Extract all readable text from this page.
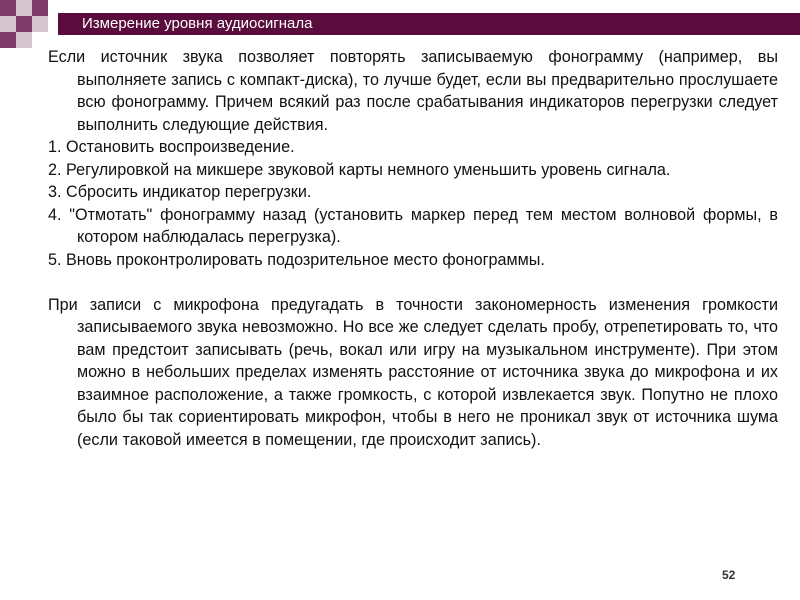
Измерение уровня аудиосигнала

Если источник звука позволяет повторять записываемую фонограмму (например, вы выполняете запись с компакт-диска), то лучше будет, если вы предварительно прослушаете всю фонограмму. Причем всякий раз после срабатывания индикаторов перегрузки следует выполнить следующие действия.

1. Остановить воспроизведение.

2. Регулировкой на микшере звуковой карты немного уменьшить уровень сигнала.

3. Сбросить индикатор перегрузки.

4. "Отмотать" фонограмму назад (установить маркер перед тем местом волновой формы, в котором наблюдалась перегрузка).

5. Вновь проконтролировать подозрительное место фонограммы.

При записи с микрофона предугадать в точности закономерность изменения громкости записываемого звука невозможно. Но все же следует сделать пробу, отрепетировать то, что вам предстоит записывать (речь, вокал или игру на музыкальном инструменте). При этом можно в небольших пределах изменять расстояние от источника звука до микрофона и их взаимное расположение, а также громкость, с которой извлекается звук. Попутно не плохо было бы так сориентировать микрофон, чтобы в него не проникал звук от источника шума (если таковой имеется в помещении, где происходит запись).

52
